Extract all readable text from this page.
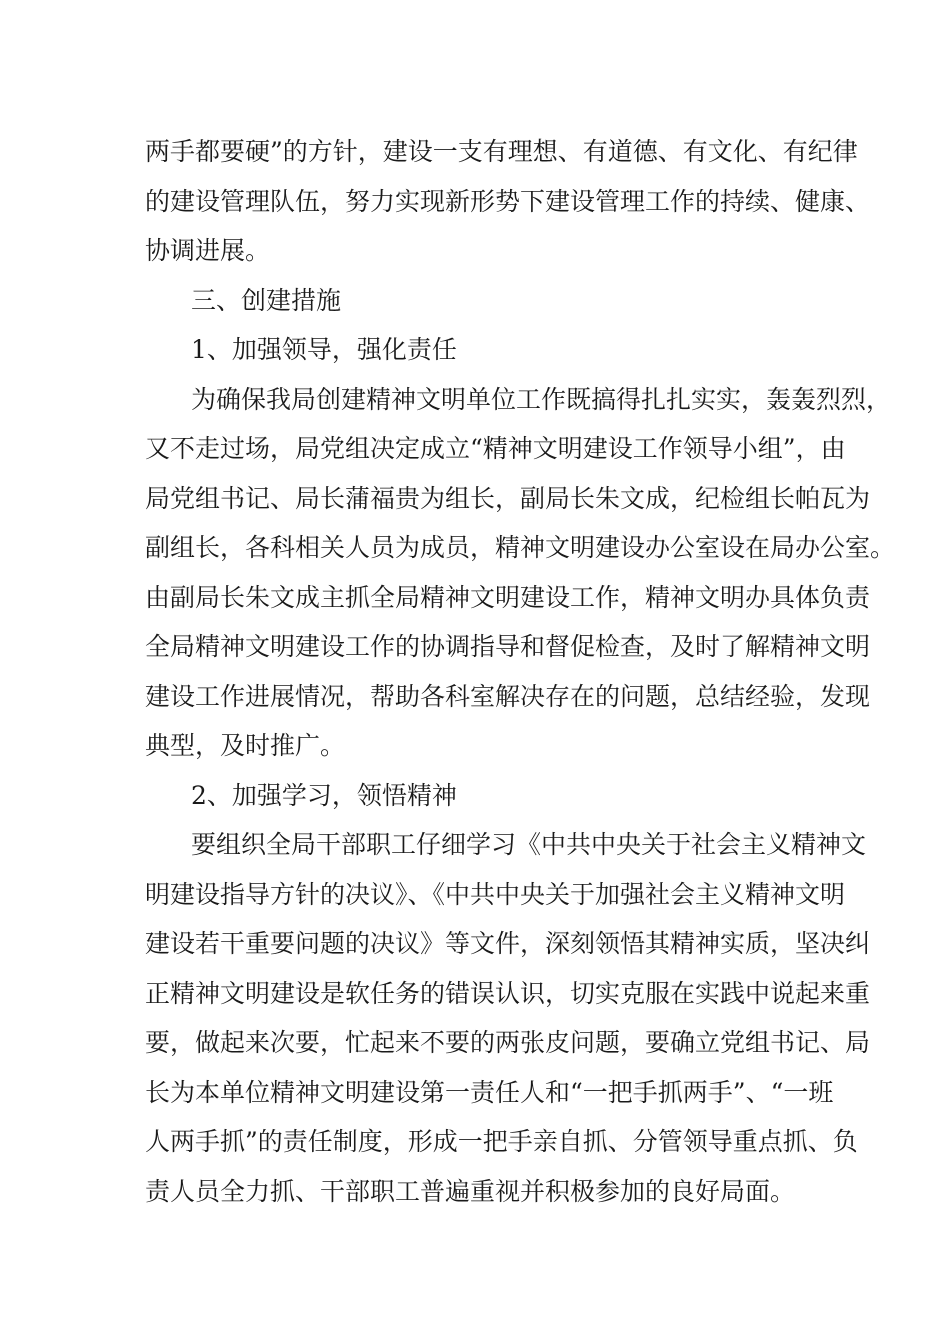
两手都要硬”的方针，建设一支有理想、有道德、有文化、有纪律
的建设管理队伍，努力实现新形势下建设管理工作的持续、健康、
协调进展。
三、创建措施
1、加强领导，强化责任
为确保我局创建精神文明单位工作既搞得扎扎实实，轰轰烈烈，
又不走过场，局党组决定成立“精神文明建设工作领导小组”，由
局党组书记、局长蒲福贵为组长，副局长朱文成，纪检组长帕瓦为
副组长，各科相关人员为成员，精神文明建设办公室设在局办公室。
由副局长朱文成主抓全局精神文明建设工作，精神文明办具体负责
全局精神文明建设工作的协调指导和督促检查，及时了解精神文明
建设工作进展情况，帮助各科室解决存在的问题，总结经验，发现
典型，及时推广。
2、加强学习，领悟精神
要组织全局干部职工仔细学习《中共中央关于社会主义精神文
明建设指导方针的决议》、《中共中央关于加强社会主义精神文明
建设若干重要问题的决议》等文件，深刻领悟其精神实质，坚决纠
正精神文明建设是软任务的错误认识，切实克服在实践中说起来重
要，做起来次要，忙起来不要的两张皮问题，要确立党组书记、局
长为本单位精神文明建设第一责任人和“一把手抓两手”、“一班
人两手抓”的责任制度，形成一把手亲自抓、分管领导重点抓、负
责人员全力抓、干部职工普遍重视并积极参加的良好局面。
